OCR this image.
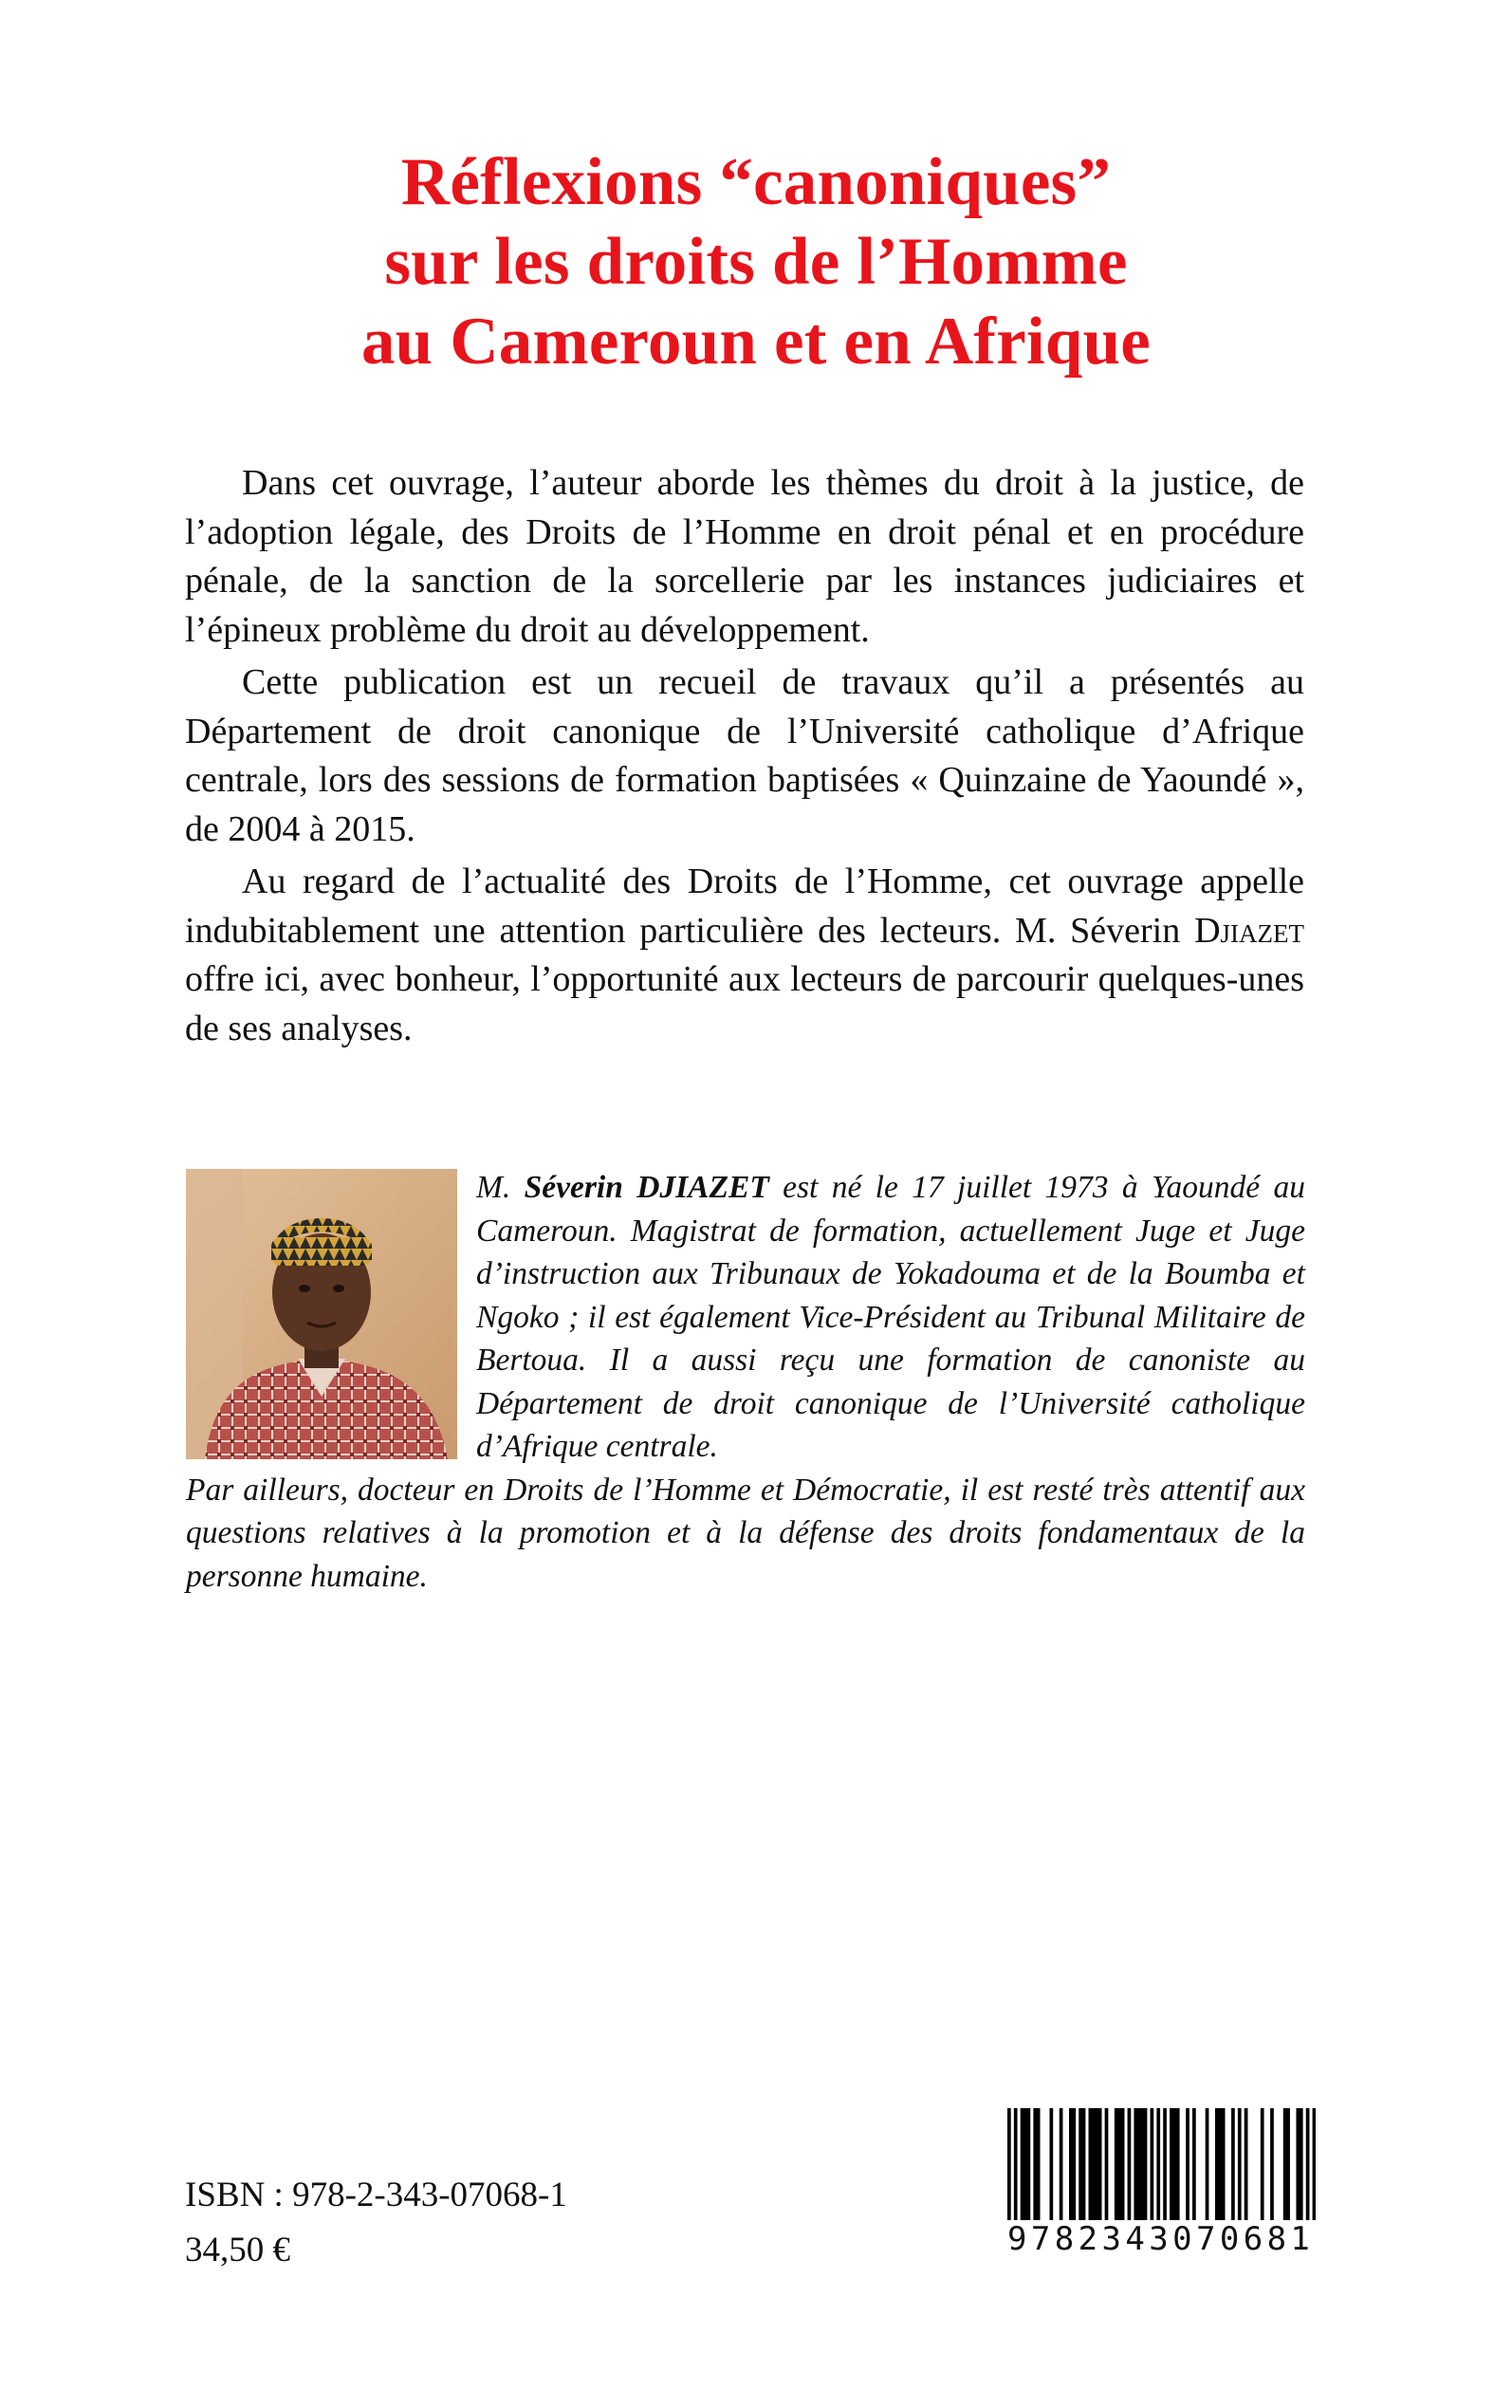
Réflexions “canoniques”
sur les droits de l’Homme
au Cameroun et en Afrique

Dans cet ouvrage, l’auteur aborde les thèmes du droit à la justice, de l’adoption légale, des Droits de l’Homme en droit pénal et en procédure pénale, de la sanction de la sorcellerie par les instances judiciaires et l’épineux problème du droit au développement.

Cette publication est un recueil de travaux qu’il a présentés au Département de droit canonique de l’Université catholique d’Afrique centrale, lors des sessions de formation baptisées « Quinzaine de Yaoundé », de 2004 à 2015.

Au regard de l’actualité des Droits de l’Homme, cet ouvrage appelle indubitablement une attention particulière des lecteurs. M. Séverin Djiazet offre ici, avec bonheur, l’opportunité aux lecteurs de parcourir quelques-unes de ses analyses.

M. Séverin DJIAZET est né le 17 juillet 1973 à Yaoundé au Cameroun. Magistrat de formation, actuellement Juge et Juge d’instruction aux Tribunaux de Yokadouma et de la Boumba et Ngoko ; il est également Vice-Président au Tribunal Militaire de Bertoua. Il a aussi reçu une formation de canoniste au Département de droit canonique de l’Université catholique d’Afrique centrale.

Par ailleurs, docteur en Droits de l’Homme et Démocratie, il est resté très attentif aux questions relatives à la promotion et à la défense des droits fondamentaux de la personne humaine.

ISBN : 978-2-343-07068-1
34,50 €	9782343070681
